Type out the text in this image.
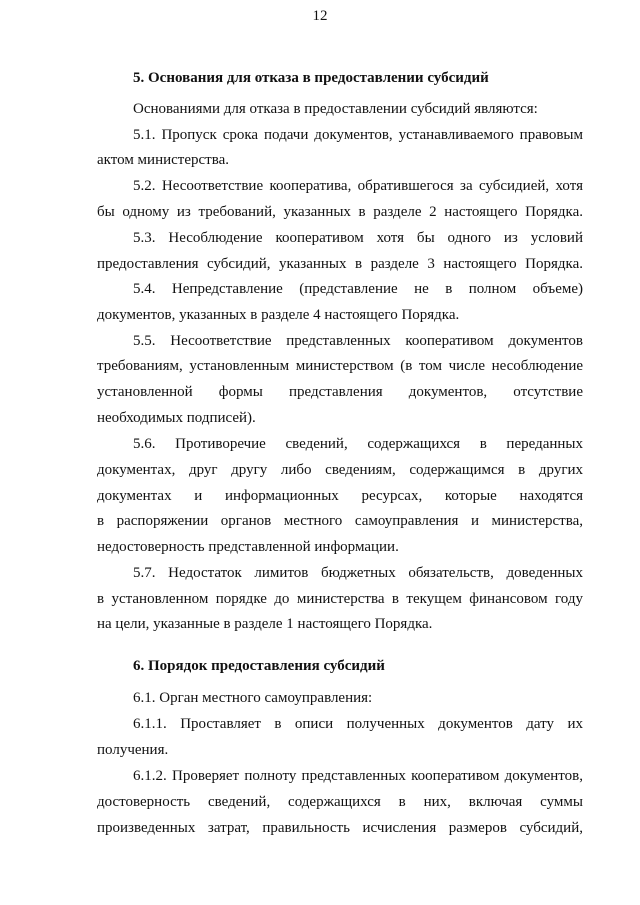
12
5. Основания для отказа в предоставлении субсидий
Основаниями для отказа в предоставлении субсидий являются:
5.1. Пропуск срока подачи документов, устанавливаемого правовым
актом министерства.
5.2. Несоответствие кооператива, обратившегося за субсидией, хотя
бы одному из требований, указанных в разделе 2 настоящего Порядка.
5.3. Несоблюдение кооперативом хотя бы одного из условий
предоставления субсидий, указанных в разделе 3 настоящего Порядка.
5.4. Непредставление (представление не в полном объеме)
документов, указанных в разделе 4 настоящего Порядка.
5.5. Несоответствие представленных кооперативом документов
требованиям, установленным министерством (в том числе несоблюдение
установленной формы представления документов, отсутствие
необходимых подписей).
5.6. Противоречие сведений, содержащихся в переданных
документах, друг другу либо сведениям, содержащимся в других
документах и информационных ресурсах, которые находятся
в распоряжении органов местного самоуправления и министерства,
недостоверность представленной информации.
5.7. Недостаток лимитов бюджетных обязательств, доведенных
в установленном порядке до министерства в текущем финансовом году
на цели, указанные в разделе 1 настоящего Порядка.
6. Порядок предоставления субсидий
6.1. Орган местного самоуправления:
6.1.1. Проставляет в описи полученных документов дату их
получения.
6.1.2. Проверяет полноту представленных кооперативом документов,
достоверность сведений, содержащихся в них, включая суммы
произведенных затрат, правильность исчисления размеров субсидий,
